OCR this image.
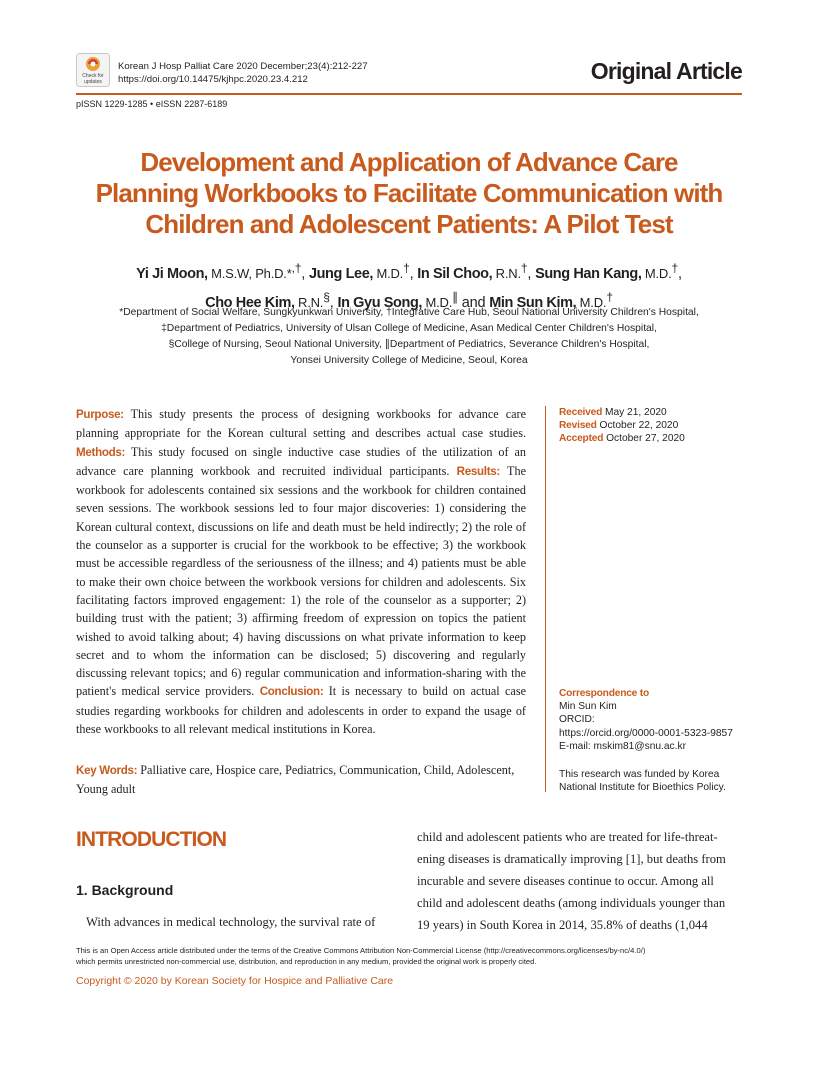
Check for
updates
Korean J Hosp Palliat Care 2020 December;23(4):212-227
https://doi.org/10.14475/kjhpc.2020.23.4.212	Original Article
pISSN 1229-1285 • eISSN 2287-6189
Development and Application of Advance Care
Planning Workbooks to Facilitate Communication with
Children and Adolescent Patients: A Pilot Test
Yi Ji Moon, M.S.W, Ph.D.*,†, Jung Lee, M.D.†, In Sil Choo, R.N.†, Sung Han Kang, M.D.†,
Cho Hee Kim, R.N.§, In Gyu Song, M.D.∥ and Min Sun Kim, M.D.†
*Department of Social Welfare, Sungkyunkwan University, †Integrative Care Hub, Seoul National University Children's Hospital,
‡Department of Pediatrics, University of Ulsan College of Medicine, Asan Medical Center Children's Hospital,
§College of Nursing, Seoul National University, ∥Department of Pediatrics, Severance Children's Hospital,
Yonsei University College of Medicine, Seoul, Korea
Purpose: This study presents the process of designing workbooks for advance care planning appropriate for the Korean cultural setting and describes actual case studies. Methods: This study focused on single inductive case studies of the utilization of an advance care planning workbook and recruited individual participants. Results: The workbook for adolescents contained six sessions and the workbook for children contained seven sessions. The workbook sessions led to four major discoveries: 1) considering the Korean cultural context, discussions on life and death must be held indirectly; 2) the role of the counselor as a supporter is crucial for the workbook to be effective; 3) the workbook must be accessible regardless of the seriousness of the illness; and 4) patients must be able to make their own choice between the workbook versions for children and adolescents. Six facilitating factors improved engagement: 1) the role of the counselor as a supporter; 2) building trust with the patient; 3) affirming freedom of expression on topics the patient wished to avoid talking about; 4) having discussions on what private information to keep secret and to whom the information can be disclosed; 5) discovering and regularly discussing relevant topics; and 6) regular communication and information-sharing with the patient's medical service providers. Conclusion: It is necessary to build on actual case studies regarding workbooks for children and adolescents in order to expand the usage of these workbooks to all relevant medical institutions in Korea.
Key Words: Palliative care, Hospice care, Pediatrics, Communication, Child, Adolescent, Young adult
Received May 21, 2020
Revised October 22, 2020
Accepted October 27, 2020
Correspondence to
Min Sun Kim
ORCID:
https://orcid.org/0000-0001-5323-9857
E-mail: mskim81@snu.ac.kr
This research was funded by Korea National Institute for Bioethics Policy.
INTRODUCTION
1. Background
With advances in medical technology, the survival rate of
child and adolescent patients who are treated for life-threat-
ening diseases is dramatically improving [1], but deaths from
incurable and severe diseases continue to occur. Among all
child and adolescent deaths (among individuals younger than
19 years) in South Korea in 2014, 35.8% of deaths (1,044
This is an Open Access article distributed under the terms of the Creative Commons Attribution Non-Commercial License (http://creativecommons.org/licenses/by-nc/4.0/)
which permits unrestricted non-commercial use, distribution, and reproduction in any medium, provided the original work is properly cited.
Copyright © 2020 by Korean Society for Hospice and Palliative Care
